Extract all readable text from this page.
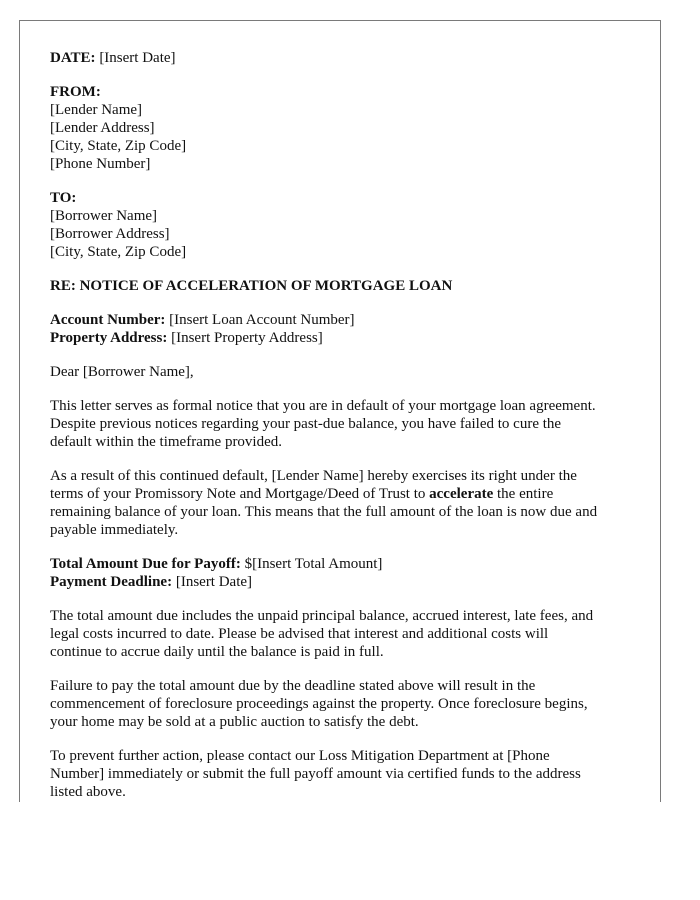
DATE: [Insert Date]
FROM:
[Lender Name]
[Lender Address]
[City, State, Zip Code]
[Phone Number]
TO:
[Borrower Name]
[Borrower Address]
[City, State, Zip Code]
RE: NOTICE OF ACCELERATION OF MORTGAGE LOAN
Account Number: [Insert Loan Account Number]
Property Address: [Insert Property Address]

Dear [Borrower Name],

This letter serves as formal notice that you are in default of your mortgage loan agreement.
Despite previous notices regarding your past-due balance, you have failed to cure the
default within the timeframe provided.

As a result of this continued default, [Lender Name] hereby exercises its right under the
terms of your Promissory Note and Mortgage/Deed of Trust to accelerate the entire
remaining balance of your loan. This means that the full amount of the loan is now due and
payable immediately.

Total Amount Due for Payoff: $[Insert Total Amount]
Payment Deadline: [Insert Date]

The total amount due includes the unpaid principal balance, accrued interest, late fees, and
legal costs incurred to date. Please be advised that interest and additional costs will
continue to accrue daily until the balance is paid in full.

Failure to pay the total amount due by the deadline stated above will result in the
commencement of foreclosure proceedings against the property. Once foreclosure begins,
your home may be sold at a public auction to satisfy the debt.

To prevent further action, please contact our Loss Mitigation Department at [Phone
Number] immediately or submit the full payoff amount via certified funds to the address
listed above.
